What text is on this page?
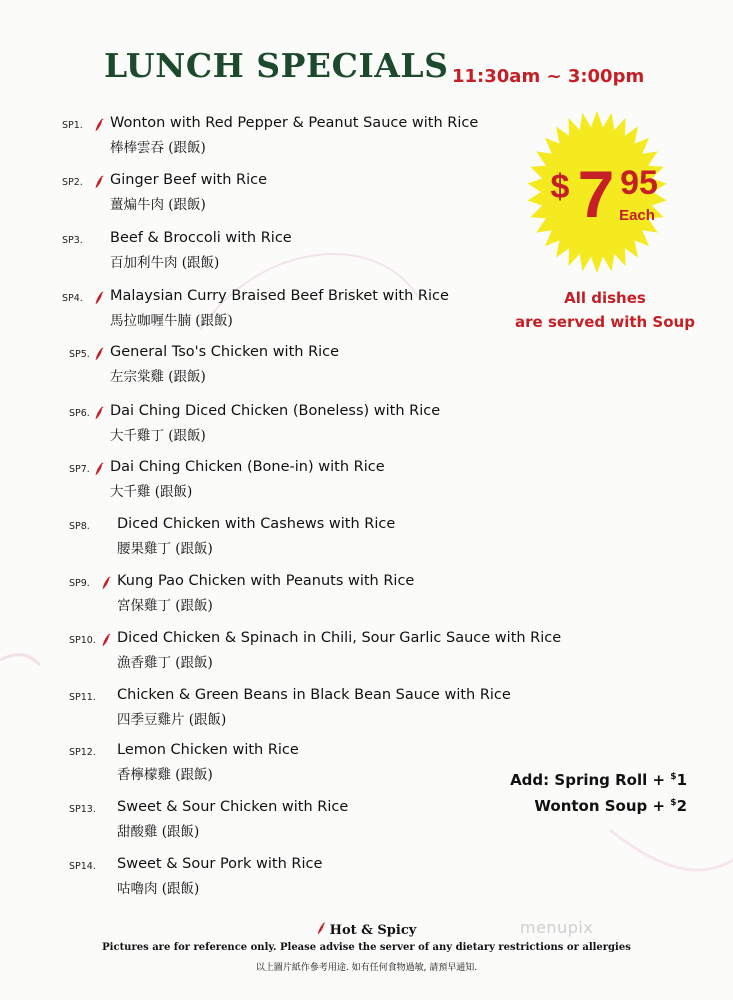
LUNCH SPECIALS 11:30am ~ 3:00pm
$ 7 95
Each
All dishes
are served with Soup
SP1. Wonton with Red Pepper & Peanut Sauce with Rice
棒棒雲吞 (跟飯)
SP2. Ginger Beef with Rice
薑煸牛肉 (跟飯)
SP3. Beef & Broccoli with Rice
百加利牛肉 (跟飯)
SP4. Malaysian Curry Braised Beef Brisket with Rice
馬拉咖喱牛腩 (跟飯)
SP5. General Tso's Chicken with Rice
左宗棠雞 (跟飯)
SP6. Dai Ching Diced Chicken (Boneless) with Rice
大千雞丁 (跟飯)
SP7. Dai Ching Chicken (Bone-in) with Rice
大千雞 (跟飯)
SP8. Diced Chicken with Cashews with Rice
腰果雞丁 (跟飯)
SP9. Kung Pao Chicken with Peanuts with Rice
宮保雞丁 (跟飯)
SP10. Diced Chicken & Spinach in Chili, Sour Garlic Sauce with Rice
漁香雞丁 (跟飯)
SP11. Chicken & Green Beans in Black Bean Sauce with Rice
四季豆雞片 (跟飯)
SP12. Lemon Chicken with Rice
香檸檬雞 (跟飯)
SP13. Sweet & Sour Chicken with Rice
甜酸雞 (跟飯)
SP14. Sweet & Sour Pork with Rice
咕嚕肉 (跟飯)
Add: Spring Roll + $1
Wonton Soup + $2
Hot & Spicy
Pictures are for reference only. Please advise the server of any dietary restrictions or allergies
以上圖片紙作參考用途. 如有任何食物過敏, 請預早通知.
menupix
